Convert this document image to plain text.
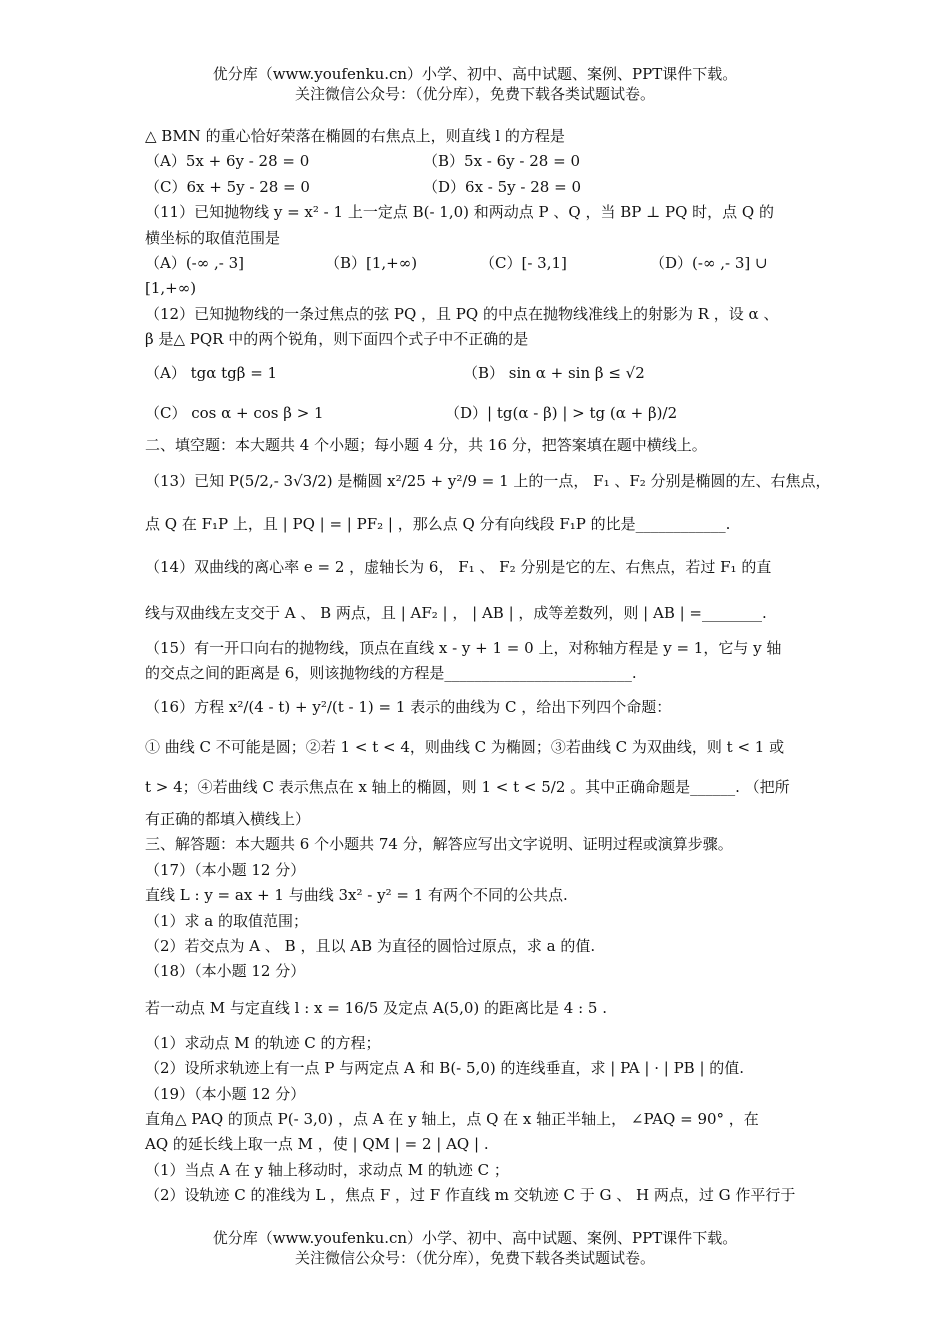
优分库（www.youfenku.cn）小学、初中、高中试题、案例、PPT课件下载。
关注微信公众号：（优分库），免费下载各类试题试卷。
△ BMN 的重心恰好荣落在椭圆的右焦点上，则直线 l 的方程是
（A）5x + 6y - 28 = 0	（B）5x - 6y - 28 = 0
（C）6x + 5y - 28 = 0	（D）6x - 5y - 28 = 0
（11）已知抛物线 y = x² - 1 上一定点 B(- 1,0) 和两动点 P 、Q ，当 BP ⊥ PQ 时，点 Q 的
横坐标的取值范围是
（A）(-∞ ,- 3]	（B）[1,+∞)	（C）[- 3,1]	（D）(-∞ ,- 3] ∪
[1,+∞)
（12）已知抛物线的一条过焦点的弦 PQ ，且 PQ 的中点在抛物线准线上的射影为 R ，设 α 、
β 是△ PQR 中的两个锐角，则下面四个式子中不正确的是
（A） tgα tgβ = 1	（B） sin α + sin β ≤ √2
（C） cos α + cos β > 1	（D）| tg(α - β) | > tg (α + β)/2
二、填空题：本大题共 4 个小题；每小题 4 分，共 16 分，把答案填在题中横线上。
（13）已知 P(5/2,- 3√3/2) 是椭圆 x²/25 + y²/9 = 1 上的一点， F₁ 、F₂ 分别是椭圆的左、右焦点，
点 Q 在 F₁P 上，且 | PQ | = | PF₂ | ，那么点 Q 分有向线段 F₁P 的比是____________.
（14）双曲线的离心率 e = 2 ，虚轴长为 6， F₁ 、 F₂ 分别是它的左、右焦点，若过 F₁ 的直
线与双曲线左支交于 A 、 B 两点，且 | AF₂ | ， | AB | ，成等差数列，则 | AB | =________.
（15）有一开口向右的抛物线，顶点在直线 x - y + 1 = 0 上，对称轴方程是 y = 1，它与 y 轴
的交点之间的距离是 6，则该抛物线的方程是_________________________.
（16）方程 x²/(4 - t) + y²/(t - 1) = 1 表示的曲线为 C ，给出下列四个命题：
① 曲线 C 不可能是圆；②若 1 < t < 4，则曲线 C 为椭圆；③若曲线 C 为双曲线，则 t < 1 或
t > 4；④若曲线 C 表示焦点在 x 轴上的椭圆，则 1 < t < 5/2 。其中正确命题是______. （把所
有正确的都填入横线上）
三、解答题：本大题共 6 个小题共 74 分，解答应写出文字说明、证明过程或演算步骤。
（17）（本小题 12 分）
直线 L : y = ax + 1 与曲线 3x² - y² = 1 有两个不同的公共点.
（1）求 a 的取值范围；
（2）若交点为 A 、 B ，且以 AB 为直径的圆恰过原点，求 a 的值.
（18）（本小题 12 分）
若一动点 M 与定直线 l : x = 16/5 及定点 A(5,0) 的距离比是 4 : 5 .
（1）求动点 M 的轨迹 C 的方程；
（2）设所求轨迹上有一点 P 与两定点 A 和 B(- 5,0) 的连线垂直，求 | PA | · | PB | 的值.
（19）（本小题 12 分）
直角△ PAQ 的顶点 P(- 3,0) ，点 A 在 y 轴上，点 Q 在 x 轴正半轴上， ∠PAQ = 90° ，在
AQ 的延长线上取一点 M ，使 | QM | = 2 | AQ | .
（1）当点 A 在 y 轴上移动时，求动点 M 的轨迹 C ；
（2）设轨迹 C 的准线为 L ，焦点 F ，过 F 作直线 m 交轨迹 C 于 G 、 H 两点，过 G 作平行于
优分库（www.youfenku.cn）小学、初中、高中试题、案例、PPT课件下载。
关注微信公众号：（优分库），免费下载各类试题试卷。
